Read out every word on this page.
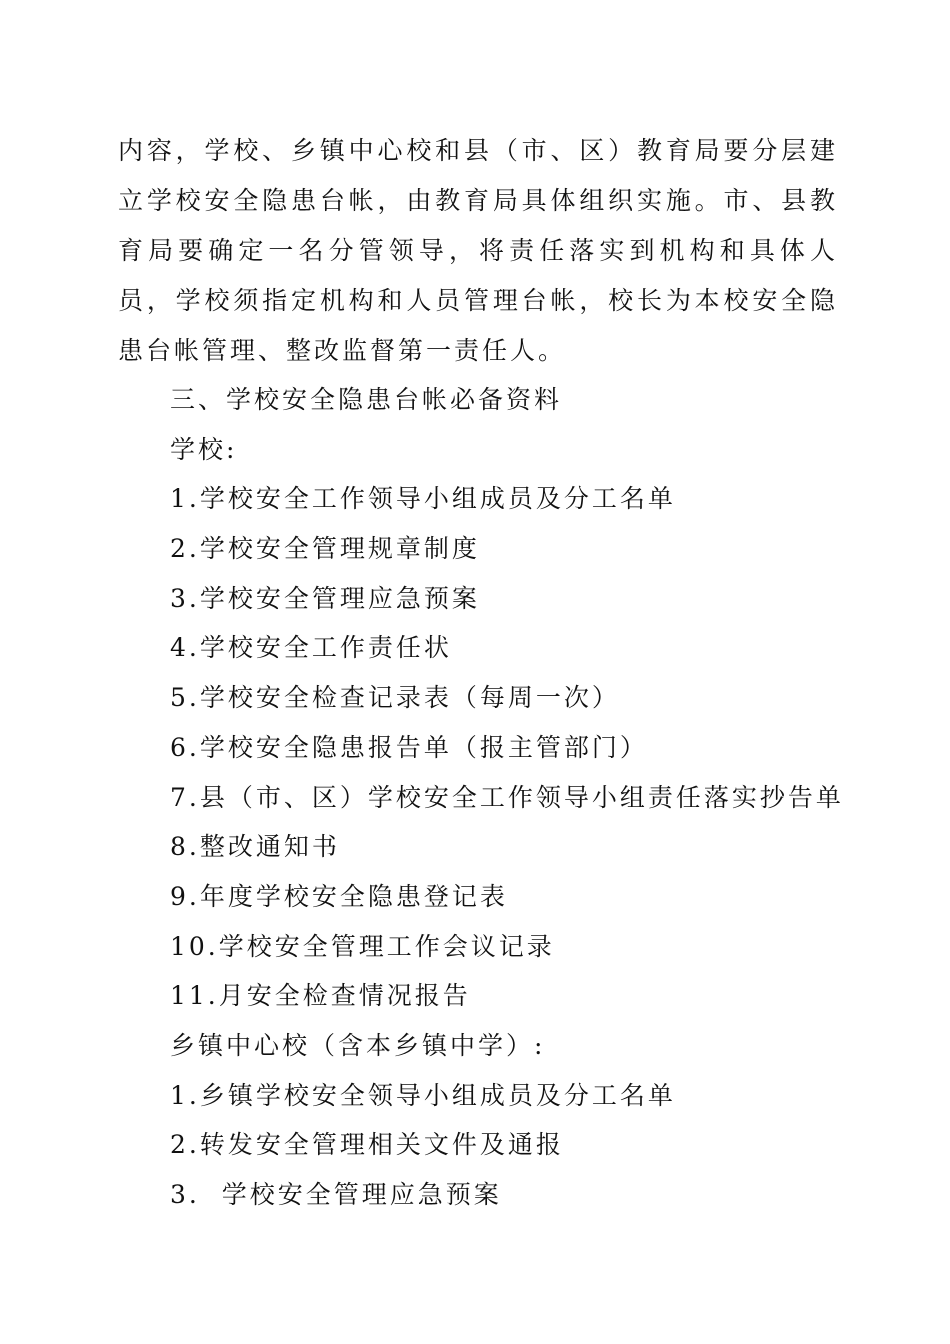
内容，学校、乡镇中心校和县（市、区）教育局要分层建立学校安全隐患台帐，由教育局具体组织实施。市、县教育局要确定一名分管领导，将责任落实到机构和具体人员，学校须指定机构和人员管理台帐，校长为本校安全隐患台帐管理、整改监督第一责任人。

三、学校安全隐患台帐必备资料

学校:

1.学校安全工作领导小组成员及分工名单

2.学校安全管理规章制度

3.学校安全管理应急预案

4.学校安全工作责任状

5.学校安全检查记录表（每周一次）

6.学校安全隐患报告单（报主管部门）

7.县（市、区）学校安全工作领导小组责任落实抄告单

8.整改通知书

9.年度学校安全隐患登记表

10.学校安全管理工作会议记录

11.月安全检查情况报告

乡镇中心校（含本乡镇中学）:

1.乡镇学校安全领导小组成员及分工名单

2.转发安全管理相关文件及通报

3.  学校安全管理应急预案
